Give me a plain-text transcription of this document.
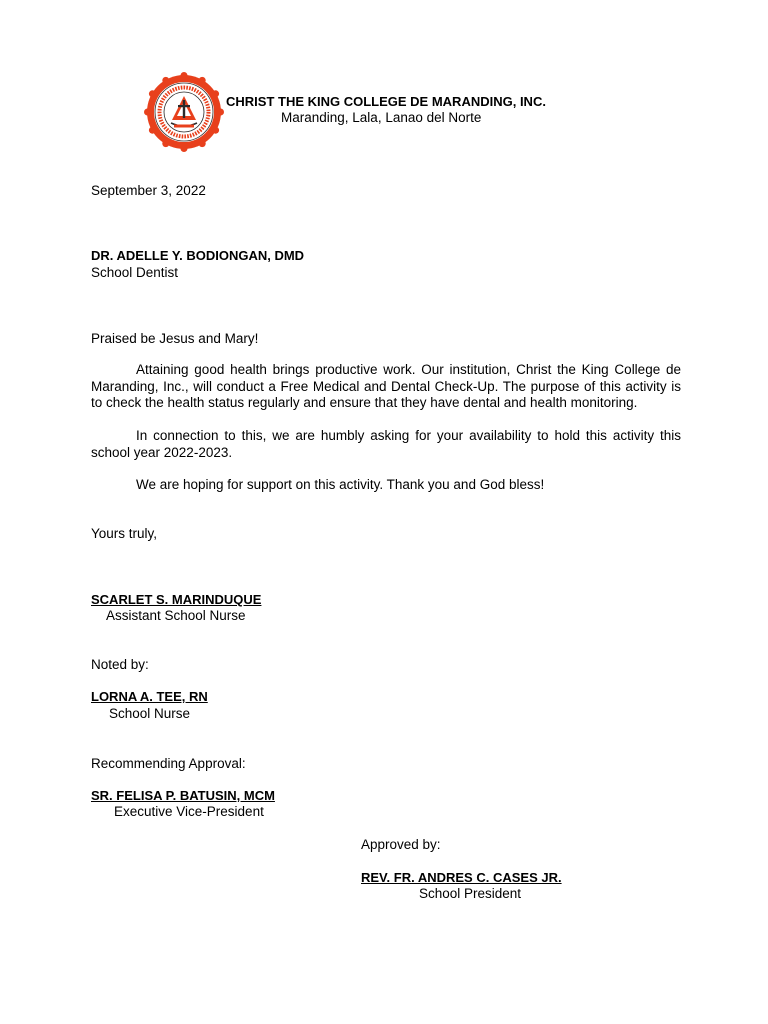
CHRIST THE KING COLLEGE DE MARANDING, INC.
Maranding, Lala, Lanao del Norte
September 3, 2022
DR. ADELLE Y. BODIONGAN, DMD
School Dentist
Praised be Jesus and Mary!

Attaining good health brings productive work. Our institution, Christ the King College de Maranding, Inc., will conduct a Free Medical and Dental Check-Up. The purpose of this activity is to check the health status regularly and ensure that they have dental and health monitoring.

In connection to this, we are humbly asking for your availability to hold this activity this school year 2022-2023.

We are hoping for support on this activity. Thank you and God bless!

Yours truly,
SCARLET S. MARINDUQUE
Assistant School Nurse
Noted by:
LORNA A. TEE, RN
School Nurse
Recommending Approval:
SR. FELISA P. BATUSIN, MCM
Executive Vice-President
Approved by:
REV. FR. ANDRES C. CASES JR.
School President
